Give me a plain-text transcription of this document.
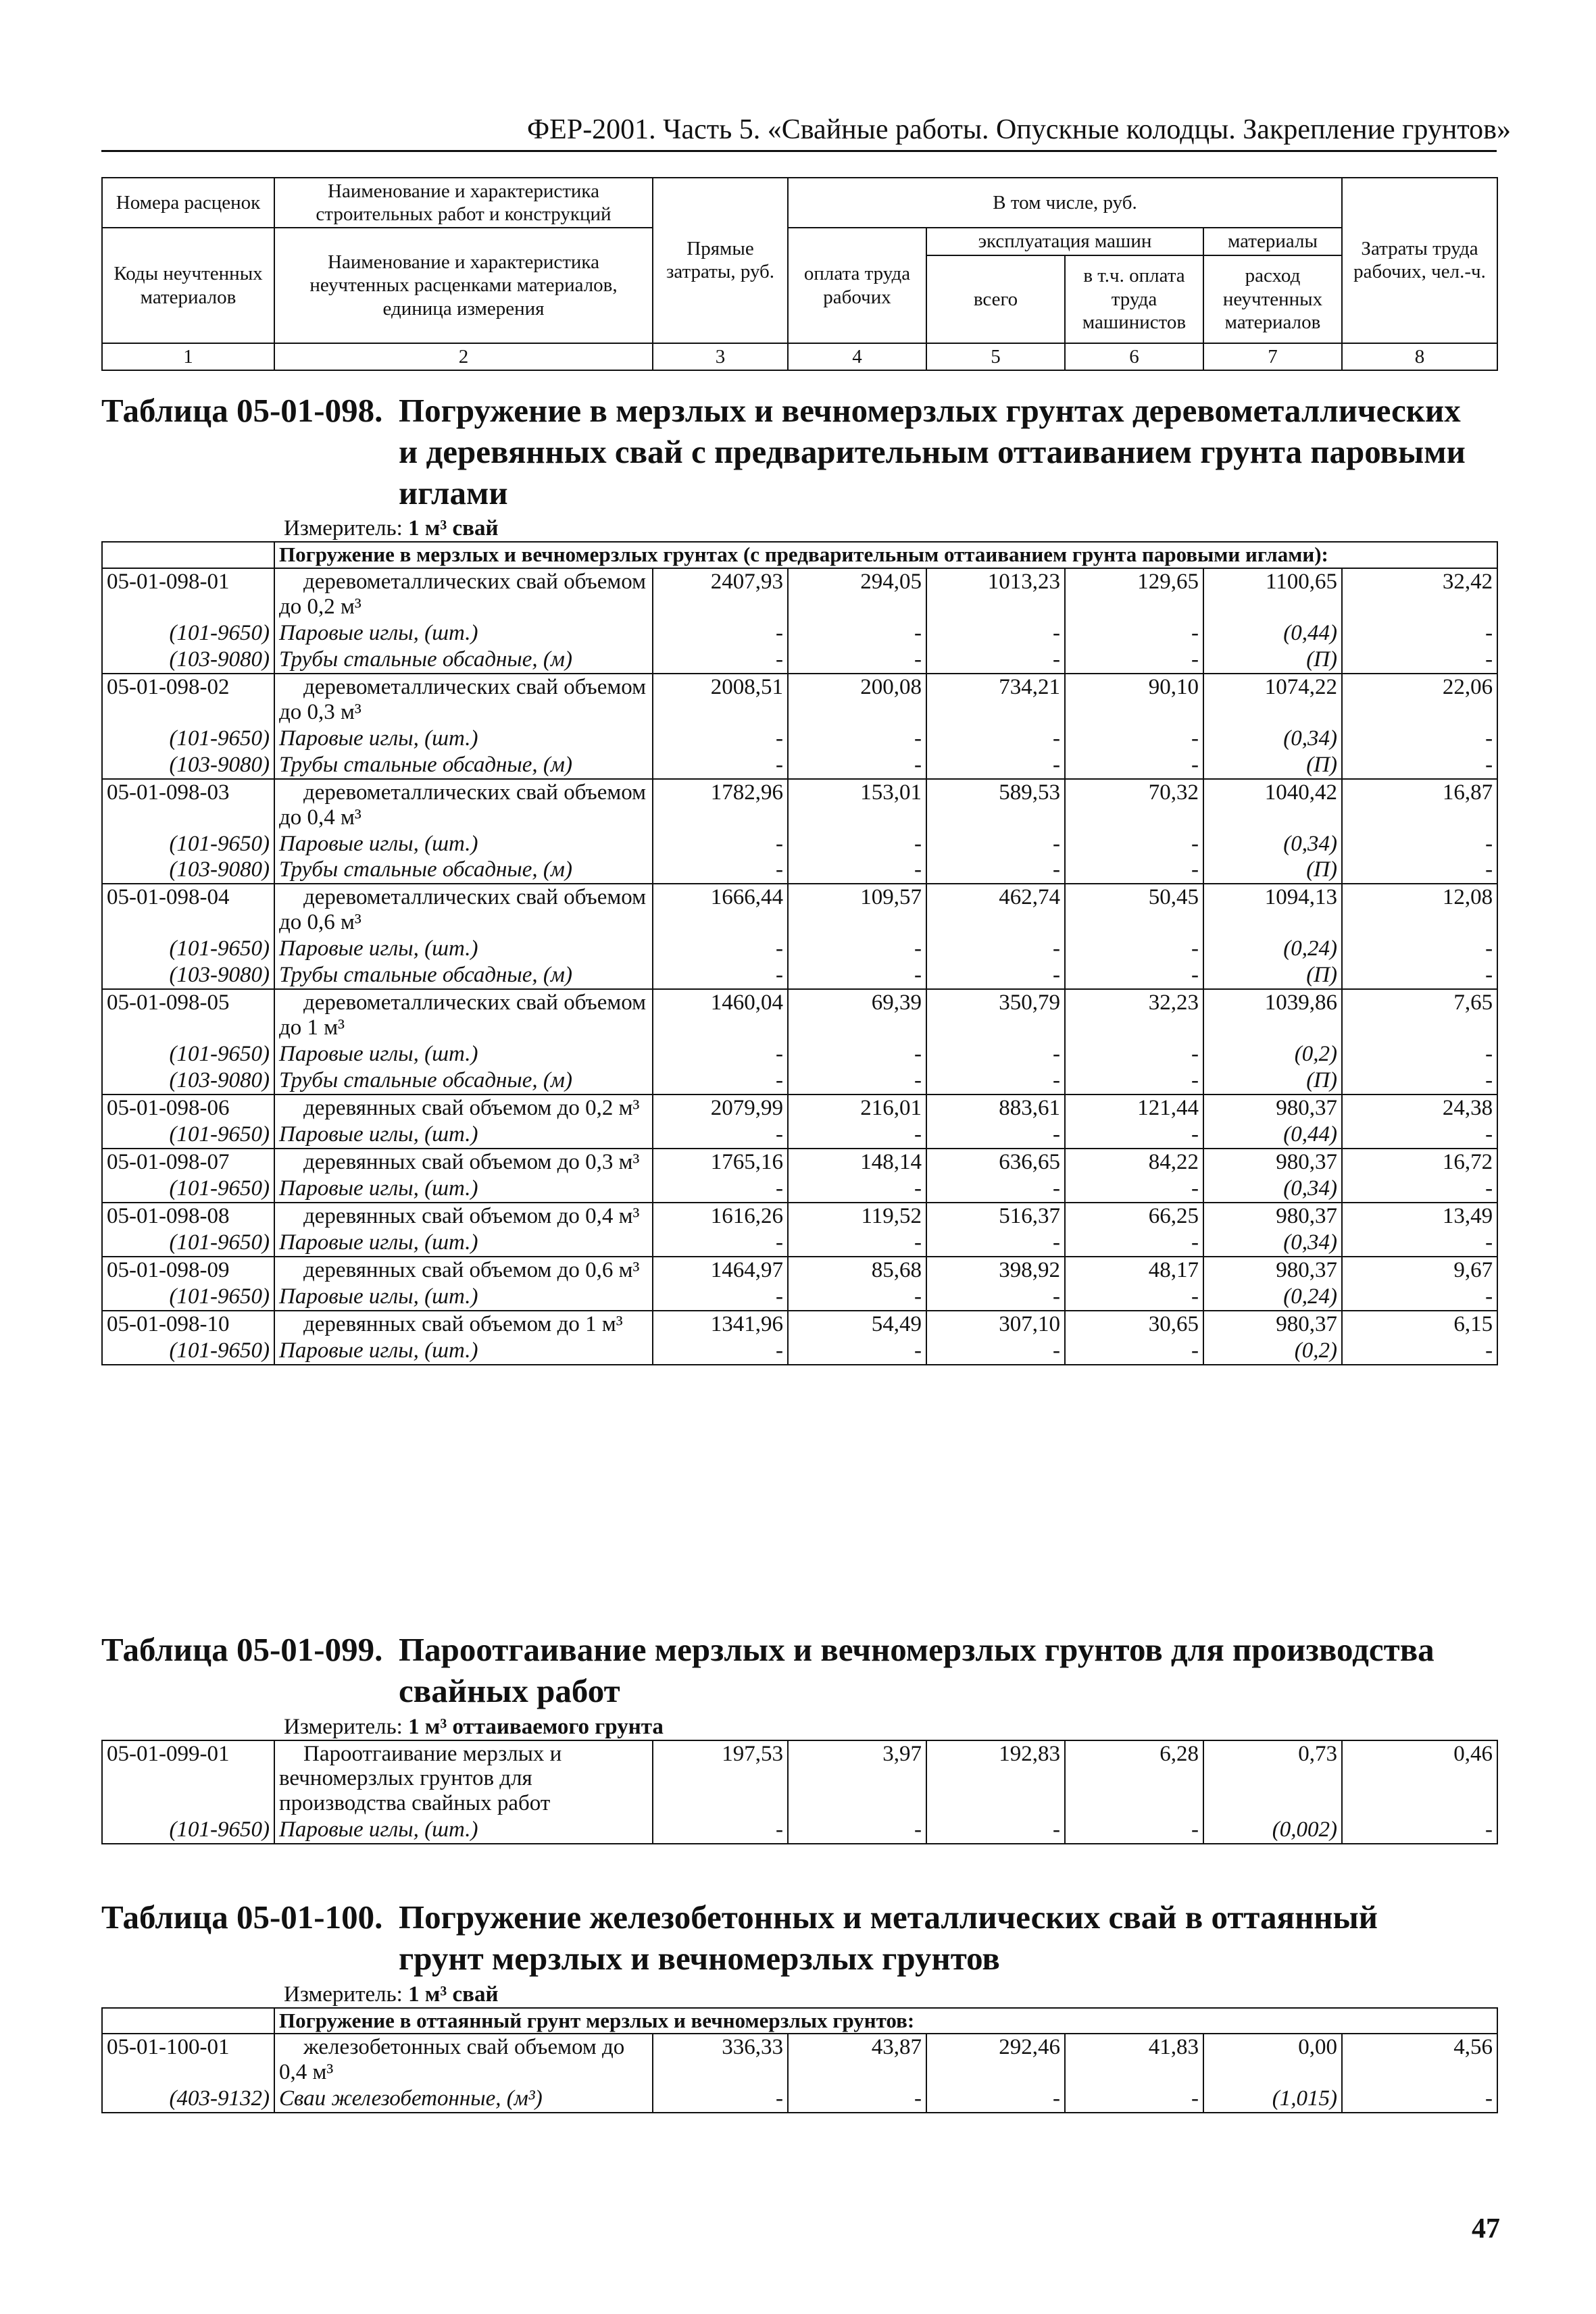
ФЕР-2001. Часть 5. «Свайные работы. Опускные колодцы. Закрепление грунтов»
Номера расценок	Наименование и характеристика строительных работ и конструкций	Прямые затраты, руб.	В том числе, руб.				Затраты труда рабочих, чел.-ч.
Коды неучтенных материалов	Наименование и характеристика неучтенных расценками материалов, единица измерения		оплата труда рабочих	эксплуатация машин		материалы	
				всего	в т.ч. оплата труда машинистов	расход неучтенных материалов	
1	2	3	4	5	6	7	8
Таблица 05-01-098. Погружение в мерзлых и вечномерзлых грунтах деревометаллических
и деревянных свай с предварительным оттаиванием грунта паровыми
иглами
Измеритель: 1 м³ свай
	Погружение в мерзлых и вечномерзлых грунтах (с предварительным оттаиванием грунта паровыми иглами):						
05-01-098-01	деревометаллических свай объемом до 0,2 м³	2407,93	294,05	1013,23	129,65	1100,65	32,42
(101-9650)	Паровые иглы, (шт.)	-	-	-	-	(0,44)	-
(103-9080)	Трубы стальные обсадные, (м)	-	-	-	-	(П)	-
05-01-098-02	деревометаллических свай объемом до 0,3 м³	2008,51	200,08	734,21	90,10	1074,22	22,06
(101-9650)	Паровые иглы, (шт.)	-	-	-	-	(0,34)	-
(103-9080)	Трубы стальные обсадные, (м)	-	-	-	-	(П)	-
05-01-098-03	деревометаллических свай объемом до 0,4 м³	1782,96	153,01	589,53	70,32	1040,42	16,87
(101-9650)	Паровые иглы, (шт.)	-	-	-	-	(0,34)	-
(103-9080)	Трубы стальные обсадные, (м)	-	-	-	-	(П)	-
05-01-098-04	деревометаллических свай объемом до 0,6 м³	1666,44	109,57	462,74	50,45	1094,13	12,08
(101-9650)	Паровые иглы, (шт.)	-	-	-	-	(0,24)	-
(103-9080)	Трубы стальные обсадные, (м)	-	-	-	-	(П)	-
05-01-098-05	деревометаллических свай объемом до 1 м³	1460,04	69,39	350,79	32,23	1039,86	7,65
(101-9650)	Паровые иглы, (шт.)	-	-	-	-	(0,2)	-
(103-9080)	Трубы стальные обсадные, (м)	-	-	-	-	(П)	-
05-01-098-06	деревянных свай объемом до 0,2 м³	2079,99	216,01	883,61	121,44	980,37	24,38
(101-9650)	Паровые иглы, (шт.)	-	-	-	-	(0,44)	-
05-01-098-07	деревянных свай объемом до 0,3 м³	1765,16	148,14	636,65	84,22	980,37	16,72
(101-9650)	Паровые иглы, (шт.)	-	-	-	-	(0,34)	-
05-01-098-08	деревянных свай объемом до 0,4 м³	1616,26	119,52	516,37	66,25	980,37	13,49
(101-9650)	Паровые иглы, (шт.)	-	-	-	-	(0,34)	-
05-01-098-09	деревянных свай объемом до 0,6 м³	1464,97	85,68	398,92	48,17	980,37	9,67
(101-9650)	Паровые иглы, (шт.)	-	-	-	-	(0,24)	-
05-01-098-10	деревянных свай объемом до 1 м³	1341,96	54,49	307,10	30,65	980,37	6,15
(101-9650)	Паровые иглы, (шт.)	-	-	-	-	(0,2)	-
Таблица 05-01-099. Пароотгаивание мерзлых и вечномерзлых грунтов для производства
свайных работ
Измеритель: 1 м³ оттаиваемого грунта
05-01-099-01	Пароотгаивание мерзлых и вечномерзлых грунтов для производства свайных работ	197,53	3,97	192,83	6,28	0,73	0,46
(101-9650)	Паровые иглы, (шт.)	-	-	-	-	(0,002)	-
Таблица 05-01-100. Погружение железобетонных и металлических свай в оттаянный
грунт мерзлых и вечномерзлых грунтов
Измеритель: 1 м³ свай
	Погружение в оттаянный грунт мерзлых и вечномерзлых грунтов:						
05-01-100-01	железобетонных свай объемом до 0,4 м³	336,33	43,87	292,46	41,83	0,00	4,56
(403-9132)	Сваи железобетонные, (м³)	-	-	-	-	(1,015)	-
47
